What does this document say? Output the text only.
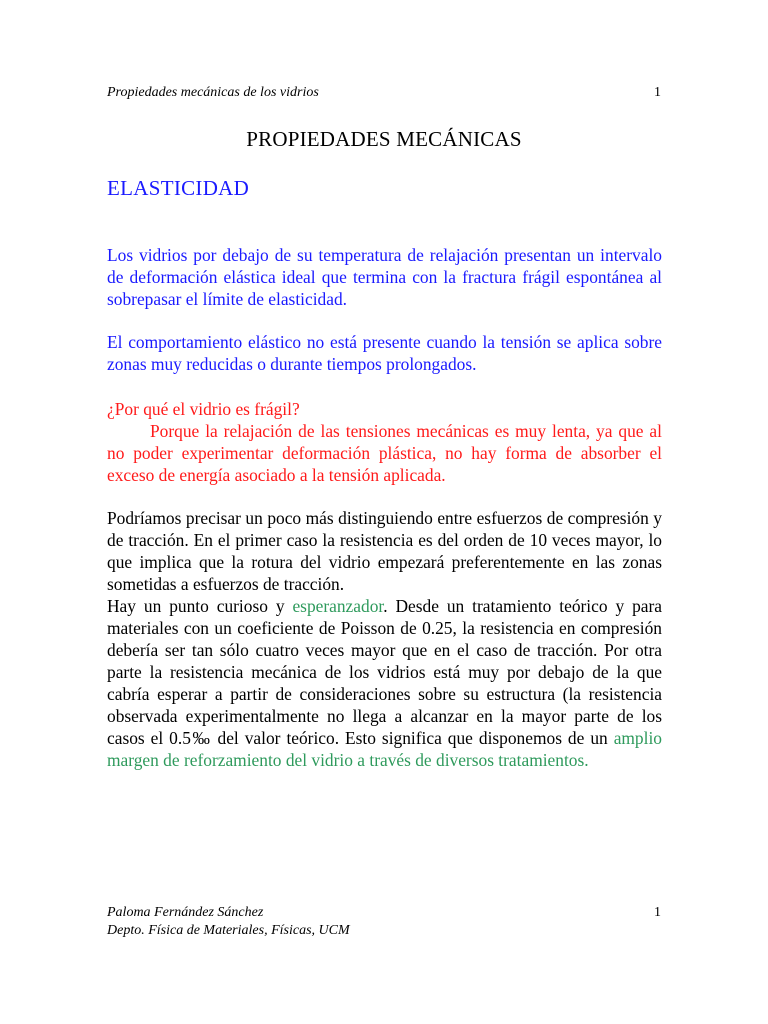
Propiedades mecánicas de los vidrios	1
PROPIEDADES MECÁNICAS
ELASTICIDAD
Los vidrios por debajo de su temperatura de relajación presentan un intervalo de deformación elástica ideal que termina con la fractura frágil espontánea al sobrepasar el límite de elasticidad.
El comportamiento elástico no está presente cuando la tensión se aplica sobre zonas muy reducidas o durante tiempos prolongados.
¿Por qué el vidrio es frágil?
Porque la relajación de las tensiones mecánicas es muy lenta, ya que al no poder experimentar deformación plástica, no hay forma de absorber el exceso de energía asociado a la tensión aplicada.
Podríamos precisar un poco más distinguiendo entre esfuerzos de compresión y de tracción. En el primer caso la resistencia es del orden de 10 veces mayor, lo que implica que la rotura del vidrio empezará preferentemente en las zonas sometidas a esfuerzos de tracción.
Hay un punto curioso y esperanzador. Desde un tratamiento teórico y para materiales con un coeficiente de Poisson de 0.25, la resistencia en compresión debería ser tan sólo cuatro veces mayor que en el caso de tracción. Por otra parte la resistencia mecánica de los vidrios está muy por debajo de la que cabría esperar a partir de consideraciones sobre su estructura (la resistencia observada experimentalmente no llega a alcanzar en la mayor parte de los casos el 0.5‰ del valor teórico. Esto significa que disponemos de un amplio margen de reforzamiento del vidrio a través de diversos tratamientos.
Paloma Fernández Sánchez
Depto. Física de Materiales, Físicas, UCM
1
